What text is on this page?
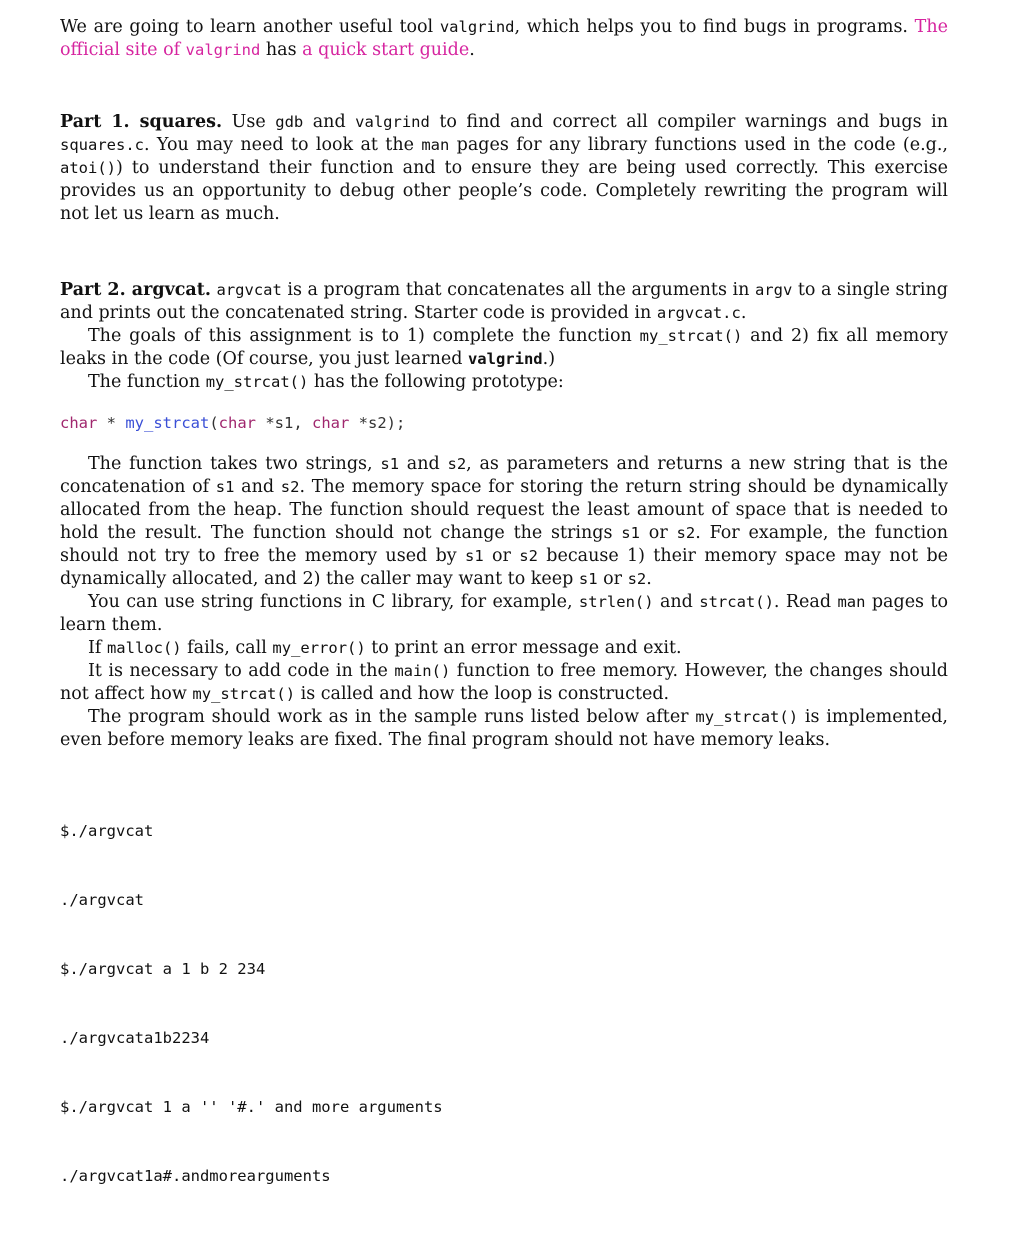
We are going to learn another useful tool valgrind, which helps you to find bugs in programs. The official site of valgrind has a quick start guide.

Part 1. squares. Use gdb and valgrind to find and correct all compiler warnings and bugs in squares.c. You may need to look at the man pages for any library functions used in the code (e.g., atoi()) to understand their function and to ensure they are being used correctly. This exercise provides us an opportunity to debug other people’s code. Completely rewriting the program will not let us learn as much.

Part 2. argvcat. argvcat is a program that concatenates all the arguments in argv to a single string and prints out the concatenated string. Starter code is provided in argvcat.c.

The goals of this assignment is to 1) complete the function my_strcat() and 2) fix all memory leaks in the code (Of course, you just learned valgrind.)

The function my_strcat() has the following prototype:

char * my_strcat(char *s1, char *s2);

The function takes two strings, s1 and s2, as parameters and returns a new string that is the concatenation of s1 and s2. The memory space for storing the return string should be dynamically allocated from the heap. The function should request the least amount of space that is needed to hold the result. The function should not change the strings s1 or s2. For example, the function should not try to free the memory used by s1 or s2 because 1) their memory space may not be dynamically allocated, and 2) the caller may want to keep s1 or s2.

You can use string functions in C library, for example, strlen() and strcat(). Read man pages to learn them.

If malloc() fails, call my_error() to print an error message and exit.

It is necessary to add code in the main() function to free memory. However, the changes should not affect how my_strcat() is called and how the loop is constructed.

The program should work as in the sample runs listed below after my_strcat() is implemented, even before memory leaks are fixed. The final program should not have memory leaks.

$./argvcat

./argvcat

$./argvcat a 1 b 2 234

./argvcata1b2234

$./argvcat 1 a '' '#.' and more arguments

./argvcat1a#.andmorearguments
